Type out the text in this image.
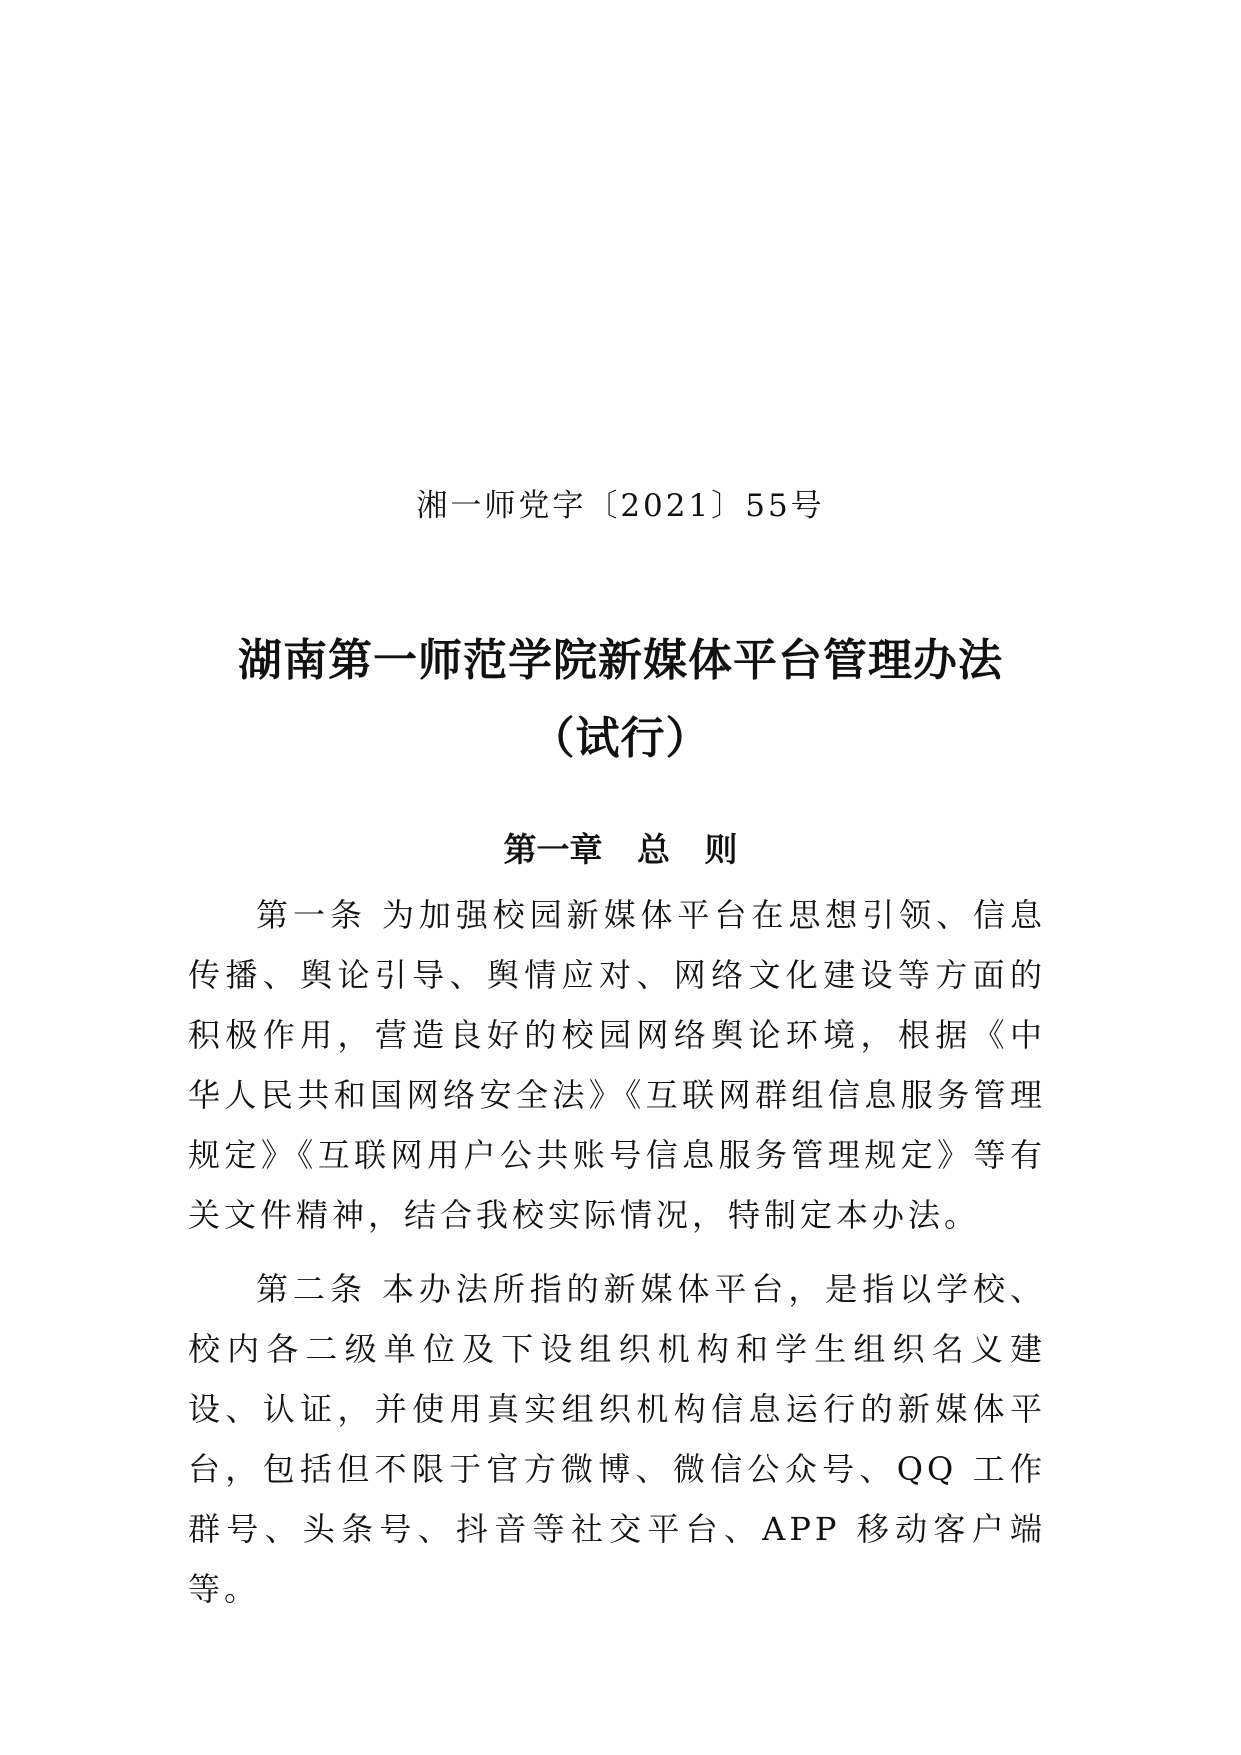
湘一师党字〔2021〕55号
湖南第一师范学院新媒体平台管理办法
（试行）
第一章   总   则

第一条 为加强校园新媒体平台在思想引领、信息传播、舆论引导、舆情应对、网络文化建设等方面的积极作用，营造良好的校园网络舆论环境，根据《中华人民共和国网络安全法》《互联网群组信息服务管理规定》《互联网用户公共账号信息服务管理规定》等有关文件精神，结合我校实际情况，特制定本办法。

第二条 本办法所指的新媒体平台，是指以学校、校内各二级单位及下设组织机构和学生组织名义建设、认证，并使用真实组织机构信息运行的新媒体平台，包括但不限于官方微博、微信公众号、QQ 工作群号、头条号、抖音等社交平台、APP 移动客户端等。
